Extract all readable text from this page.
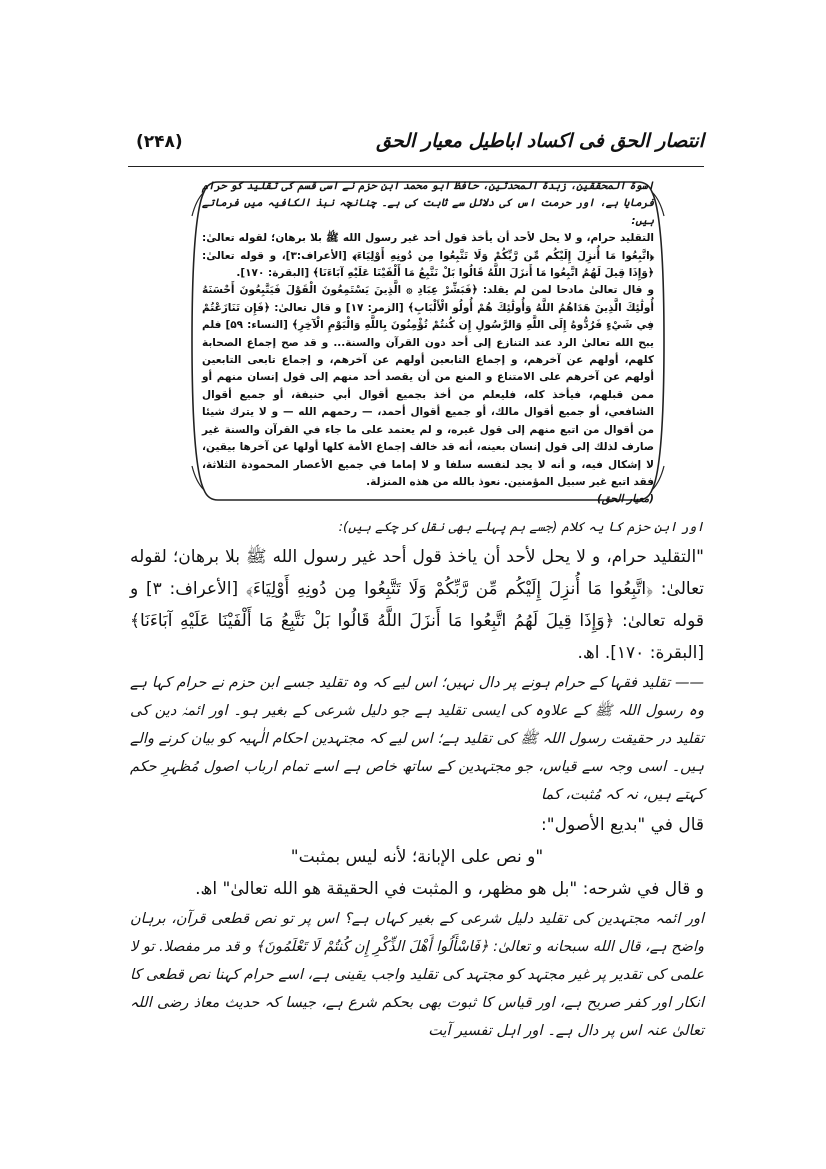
انتصار الحق فی اکساد اباطیل معیار الحق
(۲۴۸)

اسوۃ المحققین، زبدۃ المحدثین، حافظ ابو محمد ابن حزم نے اسی قسم کی تقلید کو حرام فرمایا ہے، اور حرمت اس کی دلائل سے ثابت کی ہے۔ چنانچہ نبذ الکافیہ میں فرماتے ہیں:

التقلید حرام، و لا یحل لأحد أن یأخذ قول أحد غیر رسول الله ﷺ بلا برهان؛ لقوله تعالیٰ: ﴿اتَّبِعُوا مَا أُنزِلَ إِلَيْكُم مِّن رَّبِّكُمْ وَلَا تَتَّبِعُوا مِن دُونِهِ أَوْلِيَاءَ﴾ [الأعراف:۳]، و قوله تعالیٰ: ﴿وَإِذَا قِيلَ لَهُمُ اتَّبِعُوا مَا أَنزَلَ اللَّهُ قَالُوا بَلْ نَتَّبِعُ مَا أَلْفَيْنَا عَلَيْهِ آبَاءَنَا﴾ [البقرة: ۱۷۰].

و قال تعالیٰ مادحا لمن لم یقلد: ﴿فَبَشِّرْ عِبَادِ ۞ الَّذِينَ يَسْتَمِعُونَ الْقَوْلَ فَيَتَّبِعُونَ أَحْسَنَهُ أُولَٰئِكَ الَّذِينَ هَدَاهُمُ اللَّهُ وَأُولَٰئِكَ هُمْ أُولُو الْأَلْبَابِ﴾ [الزمر: ۱۷] و قال تعالیٰ: ﴿فَإِن تَنَازَعْتُمْ فِي شَيْءٍ فَرُدُّوهُ إِلَى اللَّهِ وَالرَّسُولِ إِن كُنتُمْ تُؤْمِنُونَ بِاللَّهِ وَالْيَوْمِ الْآخِرِ﴾ [النساء: ۵۹] فلم یبح الله تعالیٰ الرد عند التنازع إلی أحد دون القرآن والسنة... و قد صح إجماع الصحابة كلهم، أولهم عن آخرهم، و إجماع التابعین أولهم عن آخرهم، و إجماع تابعی التابعین أولهم عن آخرهم علی الامتناع و المنع من أن یقصد أحد منهم إلی قول إنسان منهم أو ممن قبلهم، فیأخذ كله، فلیعلم من أخذ بجمیع أقوال أبي حنیفة، أو جمیع أقوال الشافعي، أو جمیع أقوال مالك، أو جمیع أقوال أحمد، — رحمهم الله — و لا یترك شیئا من أقوال من اتبع منهم إلی قول غیره، و لم یعتمد علی ما جاء في القرآن والسنة غیر صارف لذلك إلی قول إنسان بعینه، أنه قد خالف إجماع الأمة كلها أولها عن آخرها بیقین، لا إشكال فیه، و أنه لا یجد لنفسه سلفا و لا إماما في جمیع الأعصار المحمودة الثلاثة، فقد اتبع غیر سبیل المؤمنین. نعوذ بالله من هذه المنزلة.

(معیار الحق)

اور ابن حزم کا یہ کلام (جسے ہم پہلے بھی نقل کر چکے ہیں):

"التقلید حرام، و لا یحل لأحد أن یاخذ قول أحد غیر رسول الله ﷺ بلا برهان؛ لقوله تعالیٰ: ﴿اتَّبِعُوا مَا أُنزِلَ إِلَيْكُم مِّن رَّبِّكُمْ وَلَا تَتَّبِعُوا مِن دُونِهِ أَوْلِيَاءَ﴾ [الأعراف: ۳] و قوله تعالیٰ: ﴿وَإِذَا قِيلَ لَهُمُ اتَّبِعُوا مَا أَنزَلَ اللَّهُ قَالُوا بَلْ نَتَّبِعُ مَا أَلْفَيْنَا عَلَيْهِ آبَاءَنَا﴾ [البقرة: ۱۷۰]. اھ.

—— تقلید فقہا کے حرام ہونے پر دال نہیں؛ اس لیے کہ وہ تقلید جسے ابن حزم نے حرام کہا ہے وہ رسول اللہ ﷺ کے علاوہ کی ایسی تقلید ہے جو دلیل شرعی کے بغیر ہو۔ اور ائمہٗ دین کی تقلید در حقیقت رسول اللہ ﷺ کی تقلید ہے؛ اس لیے کہ مجتہدین احکام الٰہیہ کو بیان کرنے والے ہیں۔ اسی وجہ سے قیاس، جو مجتہدین کے ساتھ خاص ہے اسے تمام ارباب اصول مُظہرِ حکم کہتے ہیں، نہ کہ مُثبت، کما

قال في "بدیع الأصول":

"و نص علی الإبانة؛ لأنه لیس بمثبت"

و قال في شرحه: "بل هو مظهر، و المثبت في الحقیقة هو الله تعالیٰ" اھ.

اور ائمہ مجتہدین کی تقلید دلیل شرعی کے بغیر کہاں ہے؟ اس پر تو نص قطعی قرآن، برہان واضح ہے، قال الله سبحانه و تعالیٰ: ﴿فَاسْأَلُوا أَهْلَ الذِّكْرِ إِن كُنتُمْ لَا تَعْلَمُونَ﴾ و قد مر مفصلا. تو لا علمی کی تقدیر پر غیر مجتہد کو مجتہد کی تقلید واجب یقینی ہے، اسے حرام کہنا نص قطعی کا انکار اور کفر صریح ہے، اور قیاس کا ثبوت بھی بحکم شرع ہے، جیسا کہ حدیث معاذ رضی اللہ تعالیٰ عنہ اس پر دال ہے۔ اور اہل تفسیر آیت
